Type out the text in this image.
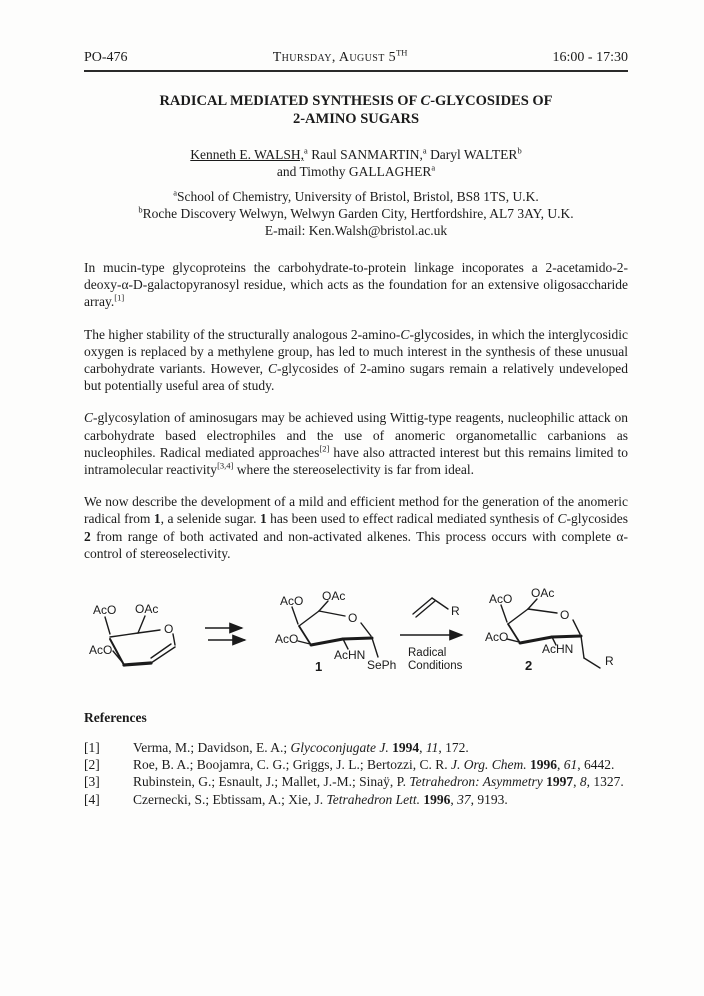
PO-476	Thursday, August 5TH	16:00 - 17:30
RADICAL MEDIATED SYNTHESIS OF C-GLYCOSIDES OF
2-AMINO SUGARS
Kenneth E. WALSH,$^a$ Raul SANMARTIN,$^a$ Daryl WALTER$^b$
and Timothy GALLAGHER$^a$
$^a$School of Chemistry, University of Bristol, Bristol, BS8 1TS, U.K.
$^b$Roche Discovery Welwyn, Welwyn Garden City, Hertfordshire, AL7 3AY, U.K.
E-mail: Ken.Walsh@bristol.ac.uk
In mucin-type glycoproteins the carbohydrate-to-protein linkage incoporates a 2-acetamido-2-deoxy-α-D-galactopyranosyl residue, which acts as the foundation for an extensive oligosaccharide array.[1]
The higher stability of the structurally analogous 2-amino-C-glycosides, in which the interglycosidic oxygen is replaced by a methylene group, has led to much interest in the synthesis of these unusual carbohydrate variants. However, C-glycosides of 2-amino sugars remain a relatively undeveloped but potentially useful area of study.
C-glycosylation of aminosugars may be achieved using Wittig-type reagents, nucleophilic attack on carbohydrate based electrophiles and the use of anomeric organometallic carbanions as nucleophiles. Radical mediated approaches[2] have also attracted interest but this remains limited to intramolecular reactivity[3,4] where the stereoselectivity is far from ideal.
We now describe the development of a mild and efficient method for the generation of the anomeric radical from 1, a selenide sugar. 1 has been used to effect radical mediated synthesis of C-glycosides 2 from range of both activated and non-activated alkenes. This process occurs with complete α-control of stereoselectivity.
AcO OAc
O
AcO
AcO OAc
O
AcO
AcHN
1	SePh
R
Radical
Conditions
AcO OAc
O
AcO
AcHN
2	R
References
[1]	Verma, M.; Davidson, E. A.; Glycoconjugate J. 1994, 11, 172.
[2]	Roe, B. A.; Boojamra, C. G.; Griggs, J. L.; Bertozzi, C. R. J. Org. Chem. 1996, 61, 6442.
[3]	Rubinstein, G.; Esnault, J.; Mallet, J.-M.; Sinaÿ, P. Tetrahedron: Asymmetry 1997, 8, 1327.
[4]	Czernecki, S.; Ebtissam, A.; Xie, J. Tetrahedron Lett. 1996, 37, 9193.
